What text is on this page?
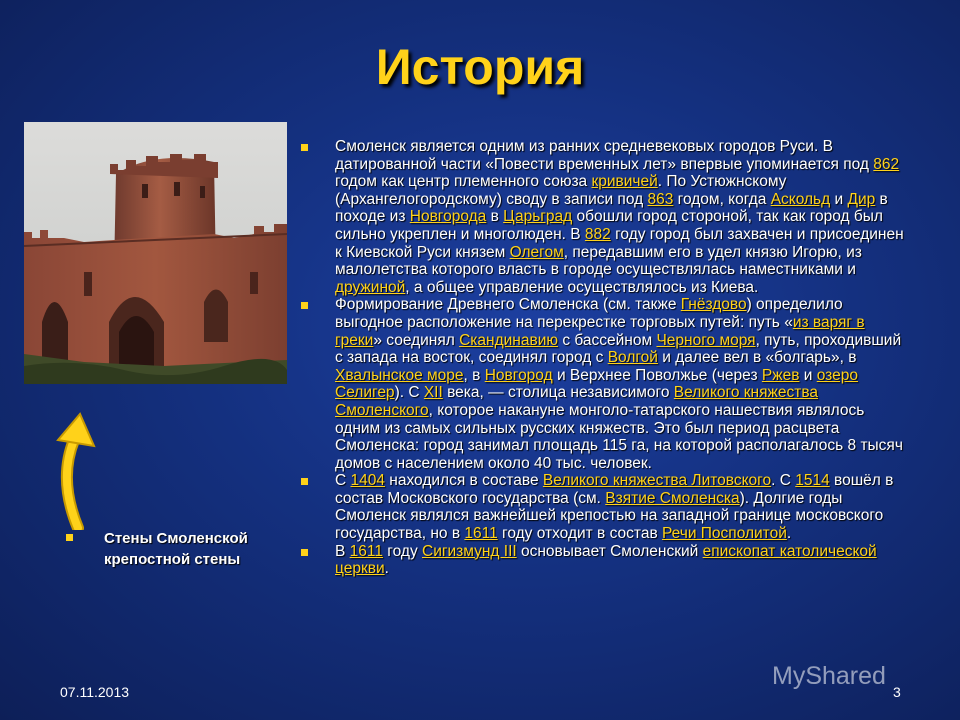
История
Стены Смоленской крепостной стены
Смоленск является одним из ранних средневековых городов Руси. В датированной части «Повести временных лет» впервые упоминается под 862 годом как центр племенного союза кривичей. По Устюжнскому (Архангелогородскому) своду в записи под 863 годом, когда Аскольд и Дир в походе из Новгорода в Царьград обошли город стороной, так как город был сильно укреплен и многолюден. В 882 году город был захвачен и присоединен к Киевской Руси князем Олегом, передавшим его в удел князю Игорю, из малолетства которого власть в городе осуществлялась наместниками и дружиной, а общее управление осуществлялось из Киева.
Формирование Древнего Смоленска (см. также Гнёздово) определило выгодное расположение на перекрестке торговых путей: путь «из варяг в греки» соединял Скандинавию с бассейном Черного моря, путь, проходивший с запада на восток, соединял город с Волгой и далее вел в «болгарь», в Хвалынское море, в Новгород и Верхнее Поволжье (через Ржев и озеро Селигер). С XII века, — столица независимого Великого княжества Смоленского, которое накануне монголо-татарского нашествия являлось одним из самых сильных русских княжеств. Это был период расцвета Смоленска: город занимал площадь 115 га, на которой располагалось 8 тысяч домов с населением около 40 тыс. человек.
С 1404 находился в составе Великого княжества Литовского. С 1514 вошёл в состав Московского государства (см. Взятие Смоленска). Долгие годы Смоленск являлся важнейшей крепостью на западной границе московского государства, но в 1611 году отходит в состав Речи Посполитой.
В 1611 году Сигизмунд III основывает Смоленский епископат католической церкви.
07.11.2013	3
MyShared
